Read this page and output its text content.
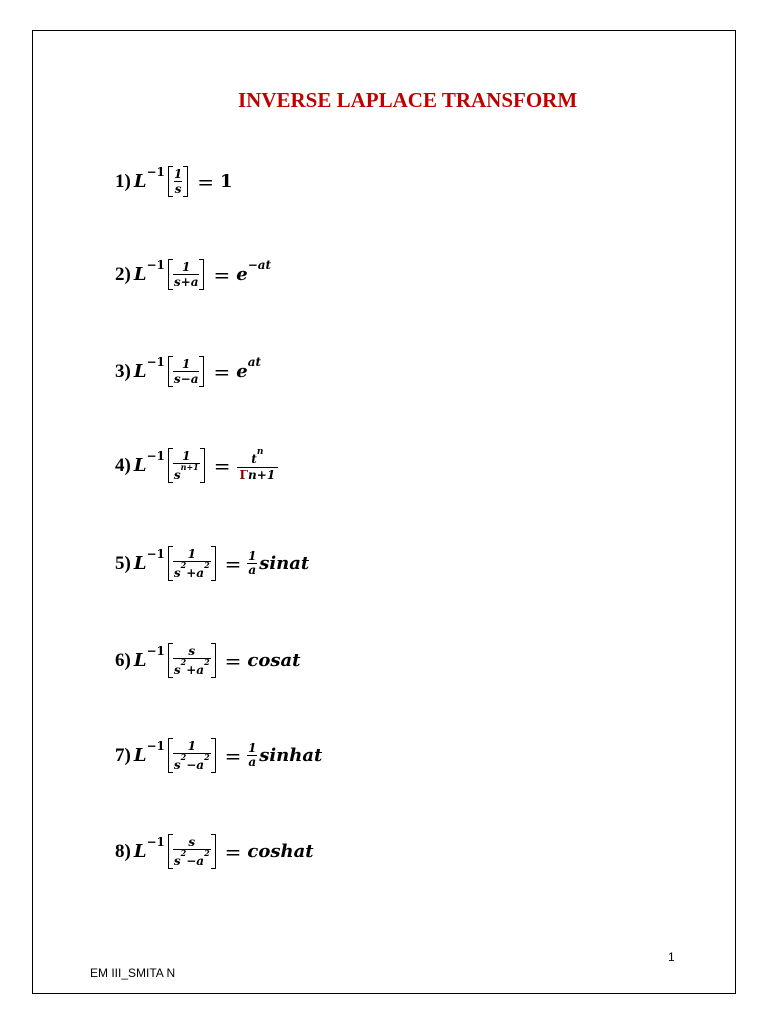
INVERSE LAPLACE TRANSFORM
1) $L^{-1} \frac{1}{s} = 1$
2) $L^{-1} \frac{1}{s+a} = e^{-at}$
3) $L^{-1} \frac{1}{s-a} = e^{at}$
4) $L^{-1} \frac{1}{s^{n+1}} = \frac{t^n}{\Gamma n+1}$
5) $L^{-1} \frac{1}{s^2+a^2} = \frac{1}{a}$ sinat
6) $L^{-1} \frac{s}{s^2+a^2}$ = cosat
7) $L^{-1} \frac{1}{s^2-a^2} = \frac{1}{a}$ sinhat
8) $L^{-1} \frac{s}{s^2-a^2}$ = coshat
1
EM III_SMITA N
